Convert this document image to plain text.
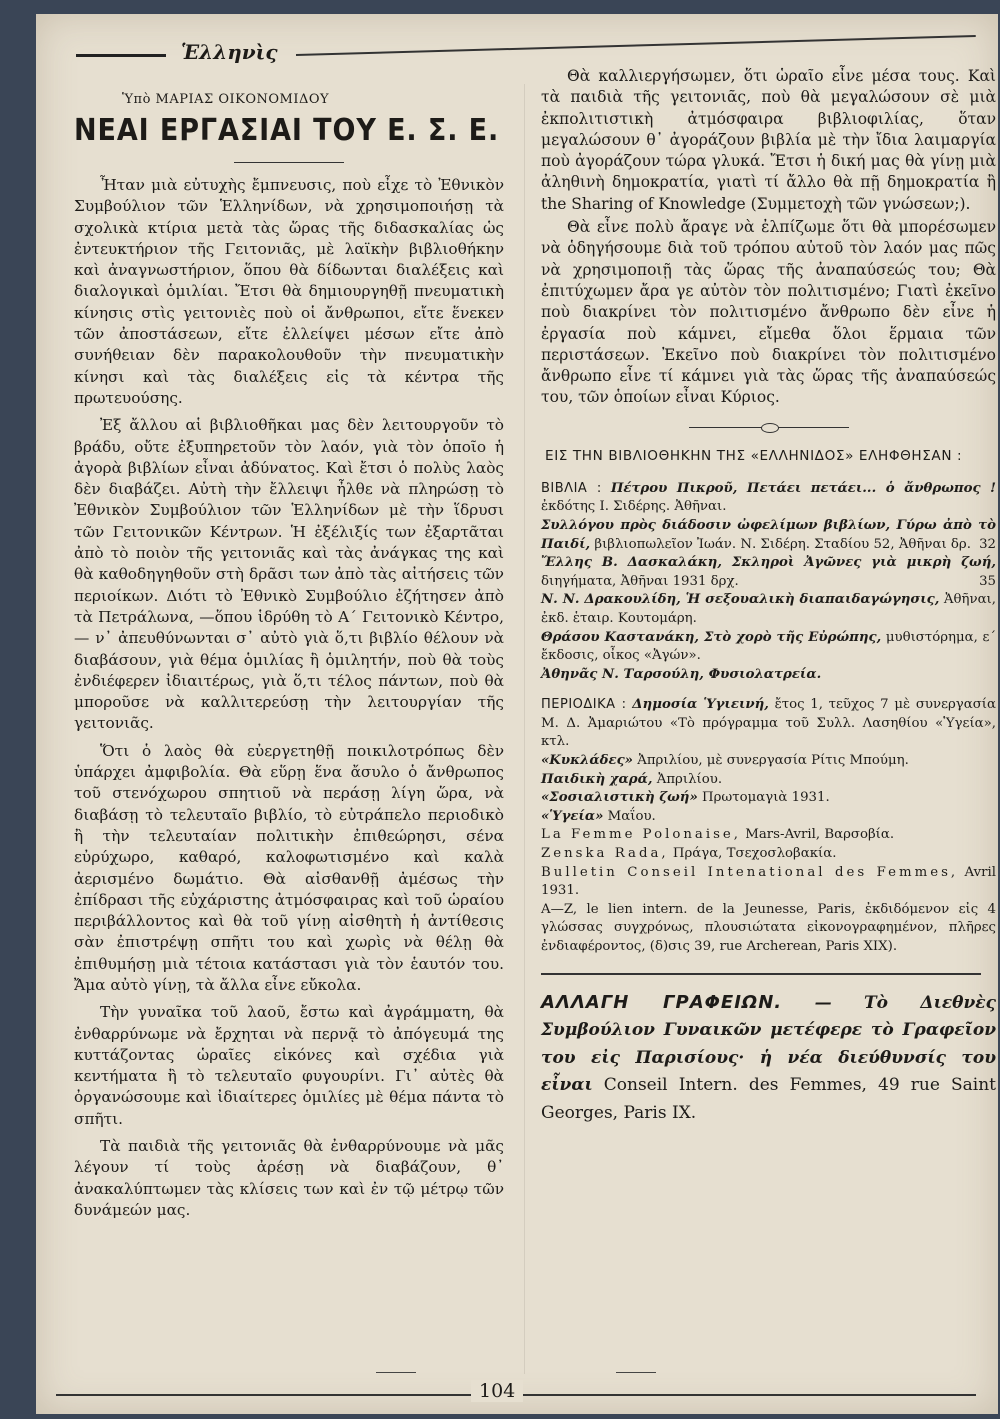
Ἑλληνὶς
Ὑπὸ ΜΑΡΙΑΣ ΟΙΚΟΝΟΜΙΔΟΥ
ΝΕΑΙ ΕΡΓΑΣΙΑΙ ΤΟΥ Ε. Σ. Ε.

Ἦταν μιὰ εὐτυχὴς ἔμπνευσις, ποὺ εἶχε τὸ Ἐθνικὸν Συμβούλιον τῶν Ἑλληνίδων, νὰ χρησιμοποιήσῃ τὰ σχολικὰ κτίρια μετὰ τὰς ὥρας τῆς διδασκαλίας ὡς ἐντευκτήριον τῆς Γειτονιᾶς, μὲ λαϊκὴν βιβλιοθήκην καὶ ἀναγνωστήριον, ὅπου θὰ δίδωνται διαλέξεις καὶ διαλογικαὶ ὁμιλίαι. Ἔτσι θὰ δημιουργηθῇ πνευματικὴ κίνησις στὶς γειτονιὲς ποὺ οἱ ἄνθρωποι, εἴτε ἕνεκεν τῶν ἀποστάσεων, εἴτε ἐλλείψει μέσων εἴτε ἀπὸ συνήθειαν δὲν παρακολουθοῦν τὴν πνευματικὴν κίνησι καὶ τὰς διαλέξεις εἰς τὰ κέντρα τῆς πρωτευούσης.

Ἐξ ἄλλου αἱ βιβλιοθῆκαι μας δὲν λειτουργοῦν τὸ βράδυ, οὔτε ἐξυπηρετοῦν τὸν λαόν, γιὰ τὸν ὁποῖο ἡ ἀγορὰ βιβλίων εἶναι ἀδύνατος. Καὶ ἔτσι ὁ πολὺς λαὸς δὲν διαβάζει. Αὐτὴ τὴν ἔλλειψι ἦλθε νὰ πληρώσῃ τὸ Ἐθνικὸν Συμβούλιον τῶν Ἑλληνίδων μὲ τὴν ἵδρυσι τῶν Γειτονικῶν Κέντρων. Ἡ ἐξέλιξίς των ἐξαρτᾶται ἀπὸ τὸ ποιὸν τῆς γειτονιᾶς καὶ τὰς ἀνάγκας της καὶ θὰ καθοδηγηθοῦν στὴ δρᾶσι των ἀπὸ τὰς αἰτήσεις τῶν περιοίκων. Διότι τὸ Ἐθνικὸ Συμβούλιο ἐζήτησεν ἀπὸ τὰ Πετράλωνα, —ὅπου ἱδρύθη τὸ Α΄ Γειτονικὸ Κέντρο, — ν᾿ ἀπευθύνωνται σ᾿ αὐτὸ γιὰ ὅ,τι βιβλίο θέλουν νὰ διαβάσουν, γιὰ θέμα ὁμιλίας ἢ ὁμιλητήν, ποὺ θὰ τοὺς ἐνδιέφερεν ἰδιαιτέρως, γιὰ ὅ,τι τέλος πάντων, ποὺ θὰ μποροῦσε νὰ καλλιτερεύσῃ τὴν λειτουργίαν τῆς γειτονιᾶς.

Ὅτι ὁ λαὸς θὰ εὐεργετηθῇ ποικιλοτρόπως δὲν ὑπάρχει ἀμφιβολία. Θὰ εὕρῃ ἕνα ἄσυλο ὁ ἄνθρωπος τοῦ στενόχωρου σπητιοῦ νὰ περάσῃ λίγη ὥρα, νὰ διαβάσῃ τὸ τελευταῖο βιβλίο, τὸ εὐτράπελο περιοδικὸ ἢ τὴν τελευταίαν πολιτικὴν ἐπιθεώρησι, σένα εὐρύχωρο, καθαρό, καλοφωτισμένο καὶ καλὰ ἀερισμένο δωμάτιο. Θὰ αἰσθανθῇ ἀμέσως τὴν ἐπίδρασι τῆς εὐχάριστης ἀτμόσφαιρας καὶ τοῦ ὡραίου περιβάλλοντος καὶ θὰ τοῦ γίνῃ αἰσθητὴ ἡ ἀντίθεσις σὰν ἐπιστρέψῃ σπῆτι του καὶ χωρὶς νὰ θέλῃ θὰ ἐπιθυμήσῃ μιὰ τέτοια κατάστασι γιὰ τὸν ἑαυτόν του. Ἄμα αὐτὸ γίνῃ, τὰ ἄλλα εἶνε εὔκολα.

Τὴν γυναῖκα τοῦ λαοῦ, ἔστω καὶ ἀγράμματη, θὰ ἐνθαρρύνωμε νὰ ἔρχηται νὰ περνᾷ τὸ ἀπόγευμά της κυττάζοντας ὡραῖες εἰκόνες καὶ σχέδια γιὰ κεντήματα ἢ τὸ τελευταῖο φυγουρίνι. Γι᾿ αὐτὲς θὰ ὀργανώσουμε καὶ ἰδιαίτερες ὁμιλίες μὲ θέμα πάντα τὸ σπῆτι.

Τὰ παιδιὰ τῆς γειτονιᾶς θὰ ἐνθαρρύνουμε νὰ μᾶς λέγουν τί τοὺς ἀρέσῃ νὰ διαβάζουν, θ᾿ ἀνακαλύπτωμεν τὰς κλίσεις των καὶ ἐν τῷ μέτρῳ τῶν δυνάμεών μας.

Θὰ καλλιεργήσωμεν, ὅτι ὡραῖο εἶνε μέσα τους. Καὶ τὰ παιδιὰ τῆς γειτονιᾶς, ποὺ θὰ μεγαλώσουν σὲ μιὰ ἐκπολιτιστικὴ ἀτμόσφαιρα βιβλιοφιλίας, ὅταν μεγαλώσουν θ᾿ ἀγοράζουν βιβλία μὲ τὴν ἴδια λαιμαργία ποὺ ἀγοράζουν τώρα γλυκά. Ἔτσι ἡ δική μας θὰ γίνῃ μιὰ ἀληθινὴ δημοκρατία, γιατὶ τί ἄλλο θὰ πῇ δημοκρατία ἢ the Sharing of Knowledge (Συμμετοχὴ τῶν γνώσεων;).

Θὰ εἶνε πολὺ ἄραγε νὰ ἐλπίζωμε ὅτι θὰ μπορέσωμεν νὰ ὁδηγήσουμε διὰ τοῦ τρόπου αὐτοῦ τὸν λαόν μας πῶς νὰ χρησιμοποιῇ τὰς ὥρας τῆς ἀναπαύσεώς του; Θὰ ἐπιτύχωμεν ἄρα γε αὐτὸν τὸν πολιτισμένο; Γιατὶ ἐκεῖνο ποὺ διακρίνει τὸν πολιτισμένο ἄνθρωπο δὲν εἶνε ἡ ἐργασία ποὺ κάμνει, εἴμεθα ὅλοι ἕρμαια τῶν περιστάσεων. Ἐκεῖνο ποὺ διακρίνει τὸν πολιτισμένο ἄνθρωπο εἶνε τί κάμνει γιὰ τὰς ὥρας τῆς ἀναπαύσεώς του, τῶν ὁποίων εἶναι Κύριος.

ΕΙΣ ΤΗΝ ΒΙΒΛΙΟΘΗΚΗΝ ΤΗΣ «ΕΛΛΗΝΙΔΟΣ» ΕΛΗΦΘΗΣΑΝ :

ΒΙΒΛΙΑ : Πέτρου Πικροῦ, Πετάει πετάει... ὁ ἄνθρωπος ! ἐκδότης Ι. Σιδέρης. Ἀθῆναι.

Συλλόγου πρὸς διάδοσιν ὠφελίμων βιβλίων, Γύρω ἀπὸ τὸ Παιδί, βιβλιοπωλεῖον Ἰωάν. Ν. Σιδέρη. Σταδίου 52, Ἀθῆναι δρ. 32

Ἔλλης Β. Δασκαλάκη, Σκληροὶ Ἀγῶνες γιὰ μικρὴ ζωή, διηγήματα, Ἀθῆναι 1931 δρχ.	35

Ν. Ν. Δρακουλίδη, Ἡ σεξουαλικὴ διαπαιδαγώγησις, Ἀθῆναι, ἐκδ. ἑταιρ. Κουτομάρη.

Θράσου Καστανάκη, Στὸ χορὸ τῆς Εὐρώπης, μυθιστόρημα, ε΄ ἔκδοσις, οἶκος «Ἀγών».

Ἀθηνᾶς Ν. Ταρσούλη, Φυσιολατρεία.

ΠΕΡΙΟΔΙΚΑ : Δημοσία Ὑγιεινή, ἔτος 1, τεῦχος 7 μὲ συνεργασία Μ. Δ. Ἀμαριώτου «Τὸ πρόγραμμα τοῦ Συλλ. Λασηθίου «Ὑγεία», κτλ.

«Κυκλάδες» Ἀπριλίου, μὲ συνεργασία Ρίτις Μπούμη.

Παιδικὴ χαρά, Ἀπριλίου.

«Σοσιαλιστικὴ ζωή» Πρωτομαγιὰ 1931.

«Ὑγεία» Μαΐου.

La Femme Polonaise, Mars-Avril, Βαρσοβία.

Zenska Rada, Πράγα, Τσεχοσλοβακία.

Bulletin Conseil Intenational des Femmes, Avril 1931.

A—Z, le lien intern. de la Jeunesse, Paris, ἐκδιδόμενον εἰς 4 γλώσσας συγχρόνως, πλουσιώτατα εἰκονογραφημένον, πλῆρες ἐνδιαφέροντος, (δ)σις 39, rue Archerean, Paris XIX).

ΑΛΛΑΓΗ ΓΡΑΦΕΙΩΝ. — Τὸ Διεθνὲς Συμβούλιον Γυναικῶν μετέφερε τὸ Γραφεῖον του εἰς Παρισίους· ἡ νέα διεύθυνσίς του εἶναι Conseil Intern. des Femmes, 49 rue Saint Georges, Paris IX.
104
